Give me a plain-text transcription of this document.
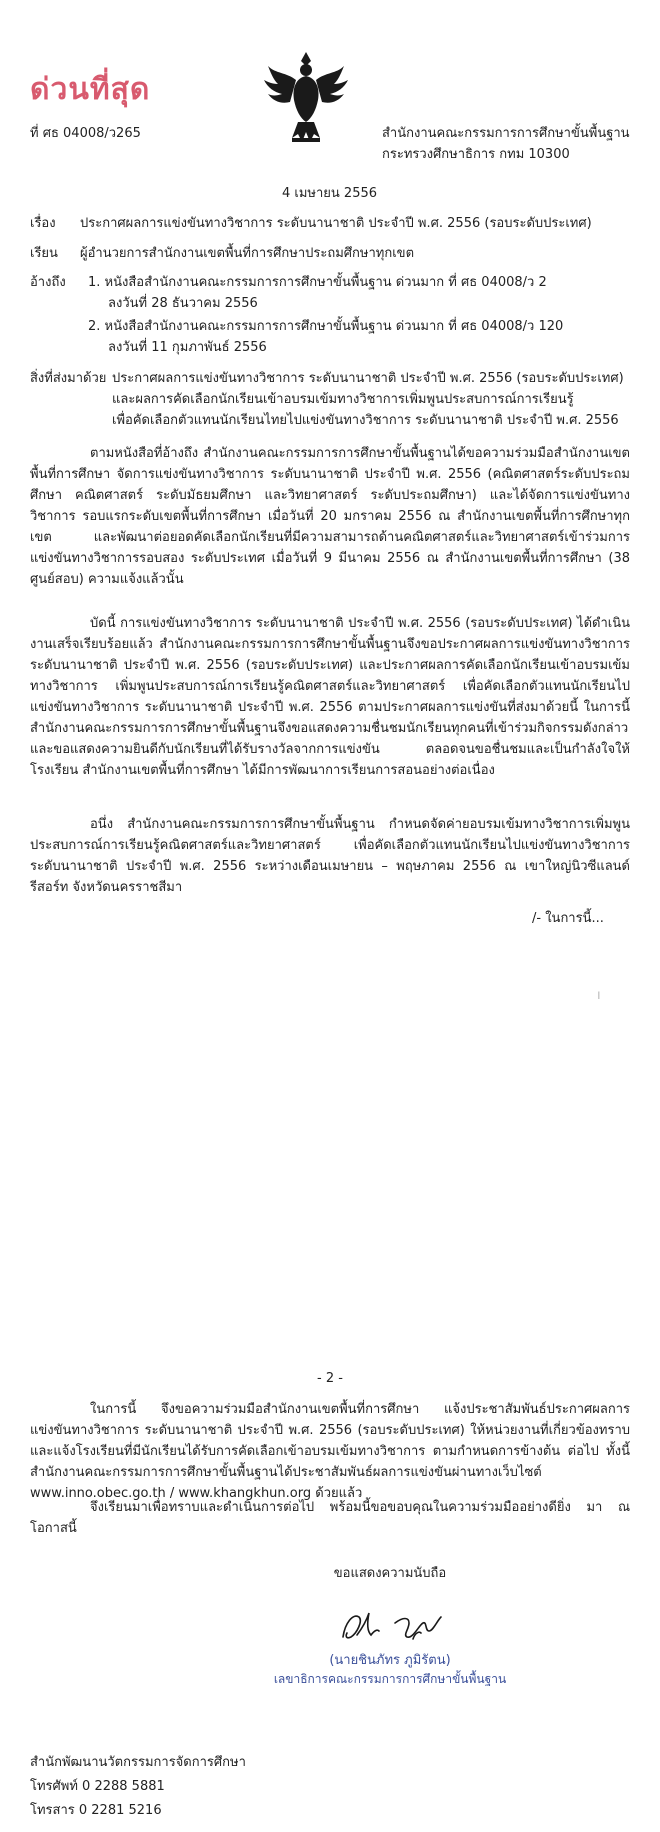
ด่วนที่สุด
ที่ ศธ 04008/ว265	สำนักงานคณะกรรมการการศึกษาขั้นพื้นฐาน
กระทรวงศึกษาธิการ กทม 10300
4 เมษายน 2556
เรื่อง ประกาศผลการแข่งขันทางวิชาการ ระดับนานาชาติ ประจำปี พ.ศ. 2556 (รอบระดับประเทศ)
เรียน ผู้อำนวยการสำนักงานเขตพื้นที่การศึกษาประถมศึกษาทุกเขต
อ้างถึง 1. หนังสือสำนักงานคณะกรรมการการศึกษาขั้นพื้นฐาน ด่วนมาก ที่ ศธ 04008/ว 2
ลงวันที่ 28 ธันวาคม 2556
2. หนังสือสำนักงานคณะกรรมการการศึกษาขั้นพื้นฐาน ด่วนมาก ที่ ศธ 04008/ว 120
ลงวันที่ 11 กุมภาพันธ์ 2556
สิ่งที่ส่งมาด้วย ประกาศผลการแข่งขันทางวิชาการ ระดับนานาชาติ ประจำปี พ.ศ. 2556 (รอบระดับประเทศ)
และผลการคัดเลือกนักเรียนเข้าอบรมเข้มทางวิชาการเพิ่มพูนประสบการณ์การเรียนรู้
เพื่อคัดเลือกตัวแทนนักเรียนไทยไปแข่งขันทางวิชาการ ระดับนานาชาติ ประจำปี พ.ศ. 2556
ตามหนังสือที่อ้างถึง สำนักงานคณะกรรมการการศึกษาขั้นพื้นฐานได้ขอความร่วมมือสำนักงานเขตพื้นที่การศึกษา จัดการแข่งขันทางวิชาการ ระดับนานาชาติ ประจำปี พ.ศ. 2556 (คณิตศาสตร์ระดับประถมศึกษา คณิตศาสตร์ ระดับมัธยมศึกษา และวิทยาศาสตร์ ระดับประถมศึกษา) และได้จัดการแข่งขันทางวิชาการ รอบแรกระดับเขตพื้นที่การศึกษา เมื่อวันที่ 20 มกราคม 2556 ณ สำนักงานเขตพื้นที่การศึกษาทุกเขต และพัฒนาต่อยอดคัดเลือกนักเรียนที่มีความสามารถด้านคณิตศาสตร์และวิทยาศาสตร์เข้าร่วมการแข่งขันทางวิชาการรอบสอง ระดับประเทศ เมื่อวันที่ 9 มีนาคม 2556 ณ สำนักงานเขตพื้นที่การศึกษา (38 ศูนย์สอบ) ความแจ้งแล้วนั้น
บัดนี้ การแข่งขันทางวิชาการ ระดับนานาชาติ ประจำปี พ.ศ. 2556 (รอบระดับประเทศ) ได้ดำเนินงานเสร็จเรียบร้อยแล้ว สำนักงานคณะกรรมการการศึกษาขั้นพื้นฐานจึงขอประกาศผลการแข่งขันทางวิชาการ ระดับนานาชาติ ประจำปี พ.ศ. 2556 (รอบระดับประเทศ) และประกาศผลการคัดเลือกนักเรียนเข้าอบรมเข้มทางวิชาการ เพิ่มพูนประสบการณ์การเรียนรู้คณิตศาสตร์และวิทยาศาสตร์ เพื่อคัดเลือกตัวแทนนักเรียนไปแข่งขันทางวิชาการ ระดับนานาชาติ ประจำปี พ.ศ. 2556 ตามประกาศผลการแข่งขันที่ส่งมาด้วยนี้ ในการนี้ สำนักงานคณะกรรมการการศึกษาขั้นพื้นฐานจึงขอแสดงความชื่นชมนักเรียนทุกคนที่เข้าร่วมกิจกรรมดังกล่าว และขอแสดงความยินดีกับนักเรียนที่ได้รับรางวัลจากการแข่งขัน ตลอดจนขอชื่นชมและเป็นกำลังใจให้โรงเรียน สำนักงานเขตพื้นที่การศึกษา ได้มีการพัฒนาการเรียนการสอนอย่างต่อเนื่อง
อนึ่ง สำนักงานคณะกรรมการการศึกษาขั้นพื้นฐาน กำหนดจัดค่ายอบรมเข้มทางวิชาการเพิ่มพูนประสบการณ์การเรียนรู้คณิตศาสตร์และวิทยาศาสตร์ เพื่อคัดเลือกตัวแทนนักเรียนไปแข่งขันทางวิชาการ ระดับนานาชาติ ประจำปี พ.ศ. 2556 ระหว่างเดือนเมษายน – พฤษภาคม 2556 ณ เขาใหญ่นิวซีแลนด์ รีสอร์ท จังหวัดนครราชสีมา
/- ในการนี้...
ı
- 2 -
ในการนี้ จึงขอความร่วมมือสำนักงานเขตพื้นที่การศึกษา แจ้งประชาสัมพันธ์ประกาศผลการแข่งขันทางวิชาการ ระดับนานาชาติ ประจำปี พ.ศ. 2556 (รอบระดับประเทศ) ให้หน่วยงานที่เกี่ยวข้องทราบ และแจ้งโรงเรียนที่มีนักเรียนได้รับการคัดเลือกเข้าอบรมเข้มทางวิชาการ ตามกำหนดการข้างต้น ต่อไป ทั้งนี้ สำนักงานคณะกรรมการการศึกษาขั้นพื้นฐานได้ประชาสัมพันธ์ผลการแข่งขันผ่านทางเว็บไซต์ www.inno.obec.go.th / www.khangkhun.org ด้วยแล้ว
จึงเรียนมาเพื่อทราบและดำเนินการต่อไป พร้อมนี้ขอขอบคุณในความร่วมมืออย่างดียิ่ง มา ณ โอกาสนี้
ขอแสดงความนับถือ
(นายชินภัทร ภูมิรัตน)
เลขาธิการคณะกรรมการการศึกษาขั้นพื้นฐาน
สำนักพัฒนานวัตกรรมการจัดการศึกษา
โทรศัพท์ 0 2288 5881
โทรสาร 0 2281 5216
